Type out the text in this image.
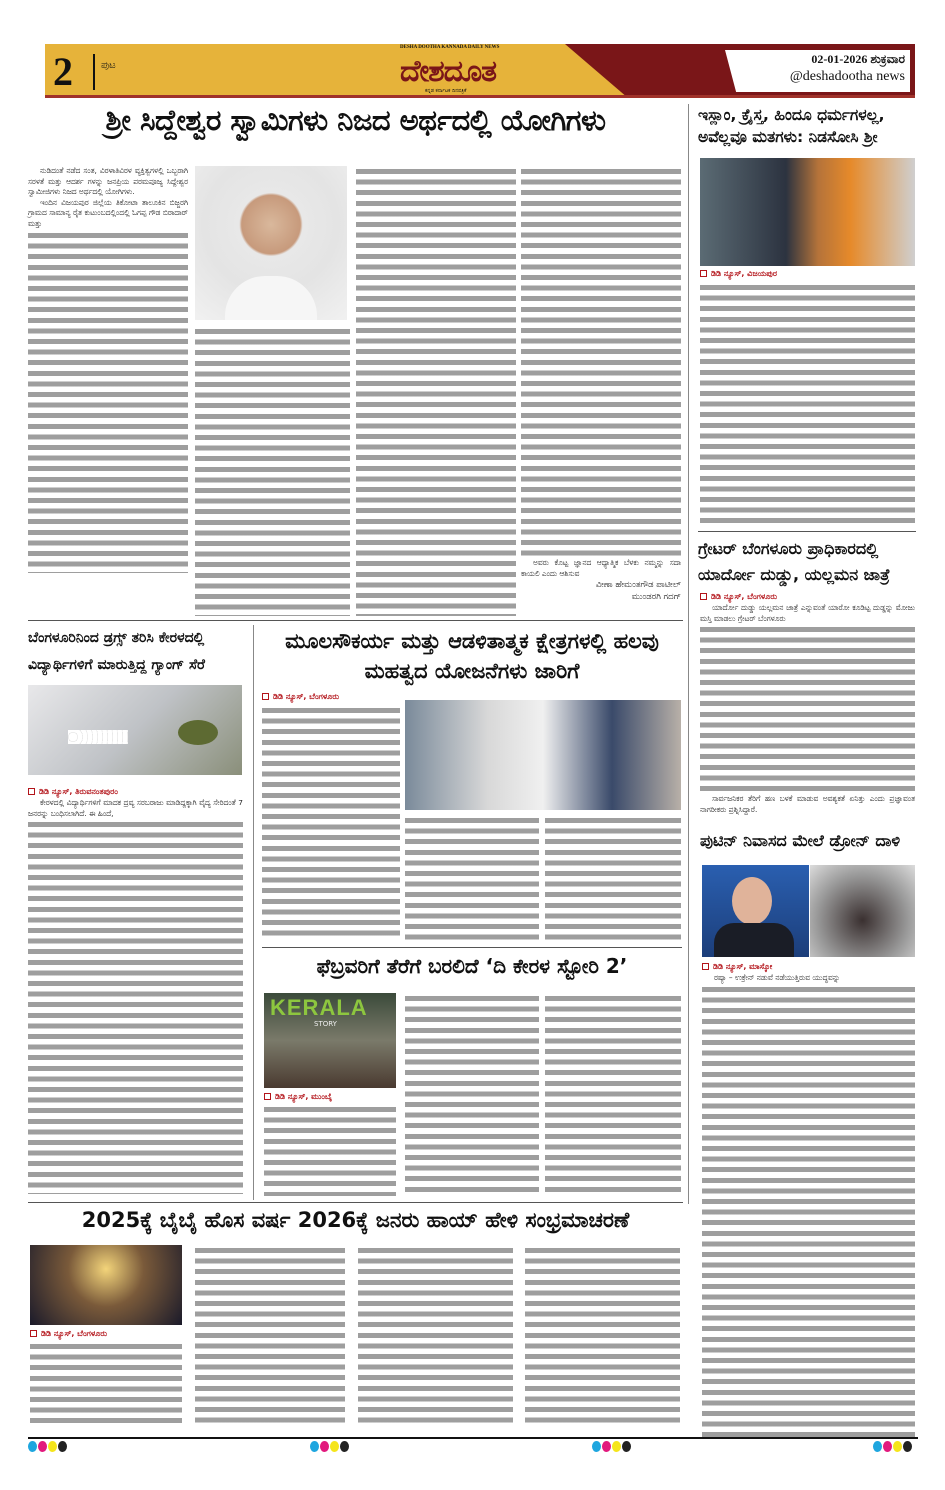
2	ಪುಟ
DESHA DOOTHA KANNADA DAILY NEWS
ದೇಶದೂತ
ಕನ್ನಡ ಕರ್ನಾಟಕ ದಿನಪತ್ರಿಕೆ
02-01-2026 ಶುಕ್ರವಾರ
@deshadootha news
ಶ್ರೀ ಸಿದ್ದೇಶ್ವರ ಸ್ವಾಮಿಗಳು ನಿಜದ ಅರ್ಥದಲ್ಲಿ ಯೋಗಿಗಳು

ನುಡಿದಂತೆ ನಡೆದ ಸಂತ, ವಿರಳಾತಿವಿರಳ ವ್ಯಕ್ತಿತ್ವಗಳಲ್ಲಿ ಒಬ್ಬರಾಗಿ ಸರಳತೆ ಮತ್ತು ಆದರ್ಶ ಗಳನ್ನು ಜನಪ್ರಿಯ ಪರಮಪೂಜ್ಯ ಸಿದ್ದೇಶ್ವರ ಸ್ವಾಮೀಜಿಗಳು ನಿಜದ ಅರ್ಥದಲ್ಲಿ ಯೋಗಿಗಳು.

ಇಂದಿನ ವಿಜಯಪುರ ಜಿಲ್ಲೆಯ ತಿಕೋಟಾ ತಾಲೂಕಿನ ಬಿಜ್ಜರಗಿ ಗ್ರಾಮದ ಸಾಮಾನ್ಯ ರೈತ ಕುಟುಂಬದಲ್ಲಿಂದಲ್ಲಿ ಓಗಪ್ಪ ಗೌಡ ಬಿರಾದಾರ್ ಮತ್ತು

ಅವರು ಕೊಟ್ಟ ಜ್ಞಾನದ ಆಧ್ಯಾತ್ಮಿಕ ಬೆಳಕು ನಮ್ಮನ್ನು ಸದಾ ಕಾಯಲಿ ಎಂದು ಆಶಿಸುವ

ವೀಣಾ ಹೇಮಂತಗೌಡ ಪಾಟೀಲ್
ಮುಂಡರಗಿ ಗದಗ್
ಇಸ್ಲಾಂ, ಕ್ರೈಸ್ತ, ಹಿಂದೂ ಧರ್ಮಗಳಲ್ಲ, ಅವೆಲ್ಲವೂ ಮತಗಳು: ನಿಡಸೋಸಿ ಶ್ರೀ
ಡಿಡಿ ನ್ಯೂಸ್, ವಿಜಯಪುರ
ಗ್ರೇಟರ್ ಬೆಂಗಳೂರು ಪ್ರಾಧಿಕಾರದಲ್ಲಿ ಯಾರ್ದೋ ದುಡ್ಡು, ಯಲ್ಲಮನ ಜಾತ್ರೆ
ಡಿಡಿ ನ್ಯೂಸ್, ಬೆಂಗಳೂರು

ಯಾರ್ದೋ ದುಡ್ಡು ಯಲ್ಲಮನ ಜಾತ್ರೆ ಎನ್ನುವಂತೆ ಯಾರೋ ಕೂಡಿಟ್ಟ ದುಡ್ಡನ್ನು ಮೋಜು ಮಸ್ತಿ ಮಾಡಲು ಗ್ರೇಟರ್ ಬೆಂಗಳೂರು

ಸಾರ್ವಜನಿಕರ ತೆರಿಗೆ ಹಣ ಬಳಕೆ ಮಾಡುವ ಅವಶ್ಯಕತೆ ಏನಿತ್ತು ಎಂದು ಪ್ರಜ್ಞಾವಂತ ನಾಗರೀಕರು ಪ್ರಶ್ನಿಸಿದ್ದಾರೆ.

ಪುಟಿನ್ ನಿವಾಸದ ಮೇಲೆ ಡ್ರೋನ್ ದಾಳಿ
ಡಿಡಿ ನ್ಯೂಸ್, ಮಾಸ್ಕೋ

ರಷ್ಯಾ – ಉಕ್ರೇನ್ ನಡುವೆ ನಡೆಯುತ್ತಿರುವ ಯುದ್ಧವನ್ನು

ಬೆಂಗಳೂರಿನಿಂದ ಡ್ರಗ್ಸ್ ತರಿಸಿ ಕೇರಳದಲ್ಲಿ ವಿದ್ಯಾರ್ಥಿಗಳಿಗೆ ಮಾರುತ್ತಿದ್ದ ಗ್ಯಾಂಗ್ ಸೆರೆ
ಡಿಡಿ ನ್ಯೂಸ್, ತಿರುವನಂತಪುರಂ

ಕೇರಳದಲ್ಲಿ ವಿದ್ಯಾರ್ಥಿಗಳಿಗೆ ಮಾದಕ ದ್ರವ್ಯ ಸರಬರಾಜು ಮಾಡಿದ್ದಕ್ಕಾಗಿ ವೈದ್ಯ ಸೇರಿದಂತೆ 7 ಜನರನ್ನು ಬಂಧಿಸಲಾಗಿದೆ. ಈ ಹಿಂದೆ,

ಮೂಲಸೌಕರ್ಯ ಮತ್ತು ಆಡಳಿತಾತ್ಮಕ ಕ್ಷೇತ್ರಗಳಲ್ಲಿ ಹಲವು ಮಹತ್ವದ ಯೋಜನೆಗಳು ಜಾರಿಗೆ
ಡಿಡಿ ನ್ಯೂಸ್, ಬೆಂಗಳೂರು
ಫೆಬ್ರವರಿಗೆ ತೆರೆಗೆ ಬರಲಿದೆ ‘ದಿ ಕೇರಳ ಸ್ಟೋರಿ 2’
KERALA
STORY
ಡಿಡಿ ನ್ಯೂಸ್, ಮುಂಬೈ
2025ಕ್ಕೆ ಬೈಬೈ ಹೊಸ ವರ್ಷ 2026ಕ್ಕೆ ಜನರು ಹಾಯ್ ಹೇಳಿ ಸಂಭ್ರಮಾಚರಣೆ
ಡಿಡಿ ನ್ಯೂಸ್, ಬೆಂಗಳೂರು
